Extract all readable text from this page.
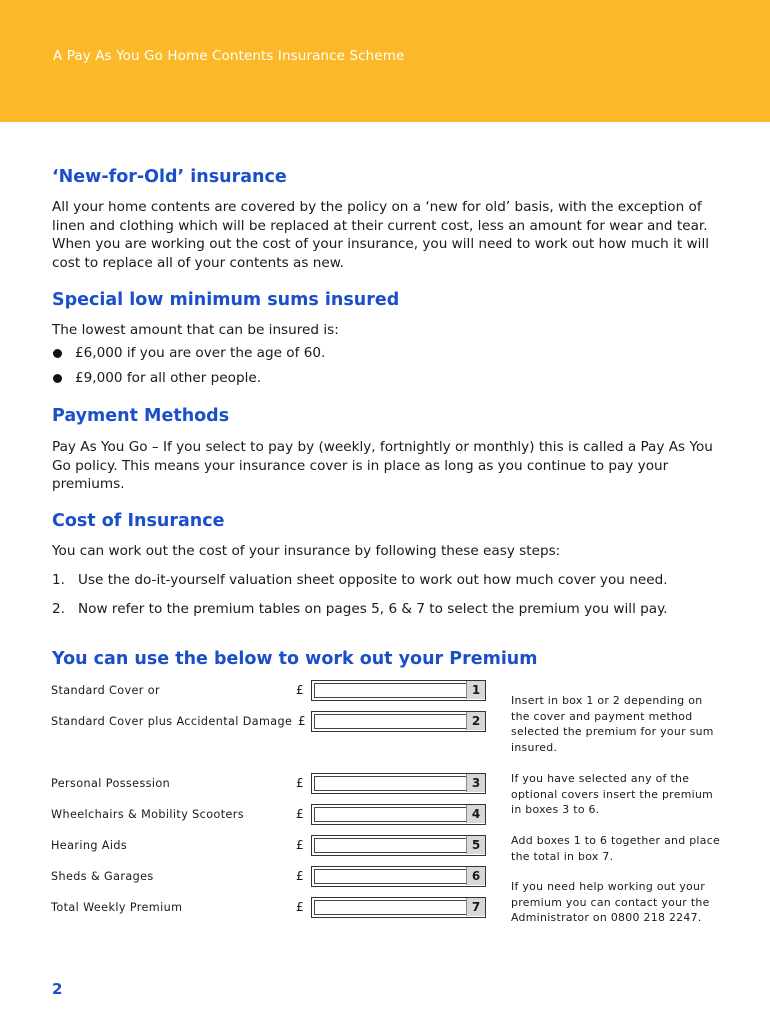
A Pay As You Go Home Contents Insurance Scheme
‘New-for-Old’ insurance

All your home contents are covered by the policy on a ‘new for old’ basis, with the exception of linen and clothing which will be replaced at their current cost, less an amount for wear and tear. When you are working out the cost of your insurance, you will need to work out how much it will cost to replace all of your contents as new.

Special low minimum sums insured
The lowest amount that can be insured is:
£6,000 if you are over the age of 60.
£9,000 for all other people.
Payment Methods

Pay As You Go – If you select to pay by (weekly, fortnightly or monthly) this is called a Pay As You Go policy. This means your insurance cover is in place as long as you continue to pay your premiums.

Cost of Insurance
You can work out the cost of your insurance by following these easy steps:
1. Use the do-it-yourself valuation sheet opposite to work out how much cover you need.
2. Now refer to the premium tables on pages 5, 6 & 7 to select the premium you will pay.
You can use the below to work out your Premium
Standard Cover or	£	1
Standard Cover plus Accidental Damage £	2
Personal Possession	£	3
Wheelchairs & Mobility Scooters	£	4
Hearing Aids	£	5
Sheds & Garages	£	6
Total Weekly Premium	£	7
Insert in box 1 or 2 depending on the cover and payment method selected the premium for your sum insured.
If you have selected any of the optional covers insert the premium in boxes 3 to 6.
Add boxes 1 to 6 together and place the total in box 7.
If you need help working out your premium you can contact your the Administrator on 0800 218 2247.
2
